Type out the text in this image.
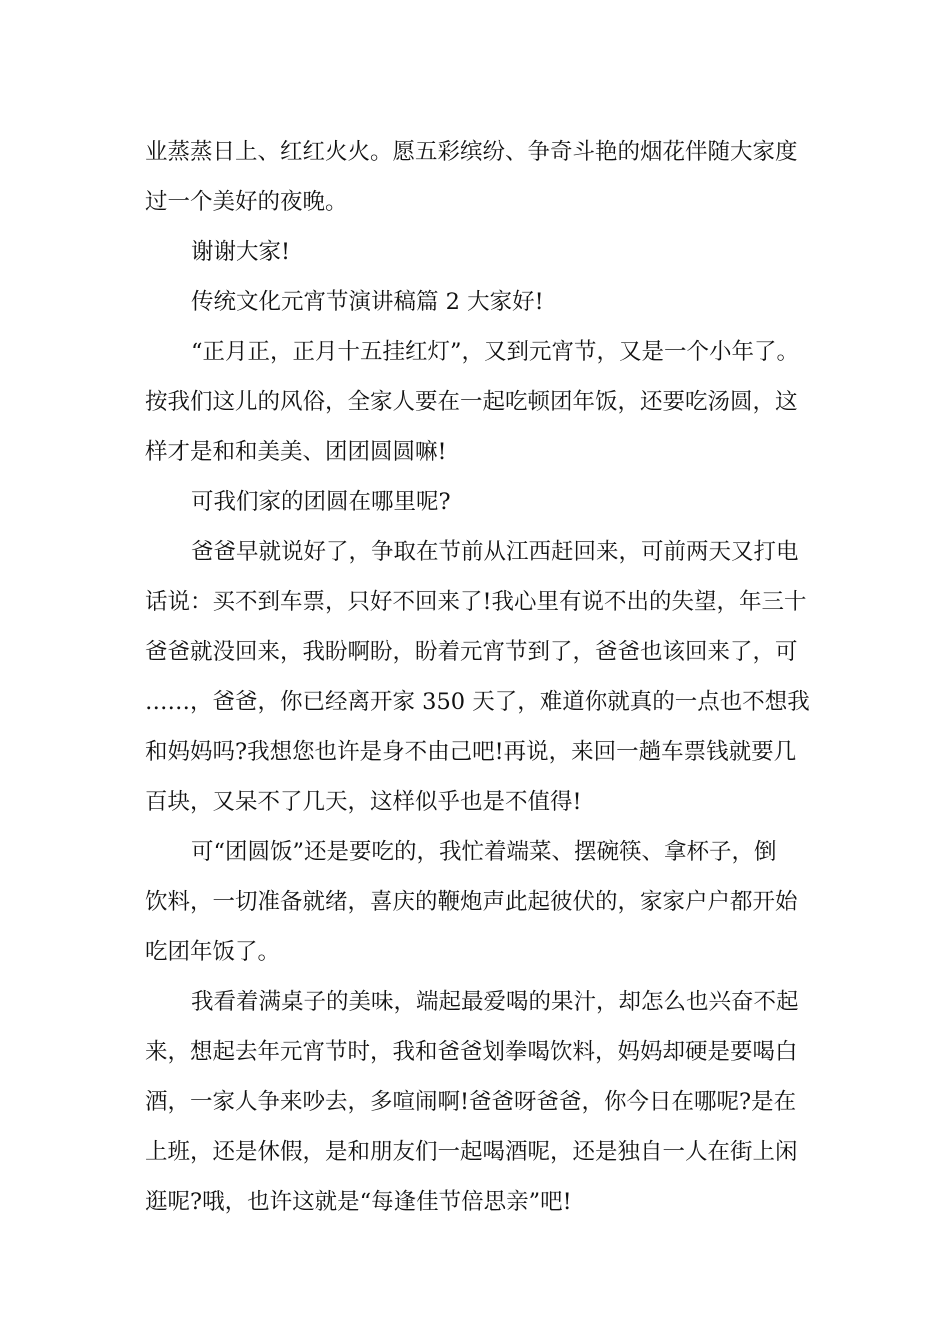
业蒸蒸日上、红红火火。愿五彩缤纷、争奇斗艳的烟花伴随大家度
过一个美好的夜晚。
谢谢大家!
传统文化元宵节演讲稿篇 2 大家好!
“正月正，正月十五挂红灯”，又到元宵节，又是一个小年了。
按我们这儿的风俗，全家人要在一起吃顿团年饭，还要吃汤圆，这
样才是和和美美、团团圆圆嘛!
可我们家的团圆在哪里呢?
爸爸早就说好了，争取在节前从江西赶回来，可前两天又打电
话说：买不到车票，只好不回来了!我心里有说不出的失望，年三十
爸爸就没回来，我盼啊盼，盼着元宵节到了，爸爸也该回来了，可
……，爸爸，你已经离开家 350 天了，难道你就真的一点也不想我
和妈妈吗?我想您也许是身不由己吧!再说，来回一趟车票钱就要几
百块，又呆不了几天，这样似乎也是不值得!
可“团圆饭”还是要吃的，我忙着端菜、摆碗筷、拿杯子，倒
饮料，一切准备就绪，喜庆的鞭炮声此起彼伏的，家家户户都开始
吃团年饭了。
我看着满桌子的美味，端起最爱喝的果汁，却怎么也兴奋不起
来，想起去年元宵节时，我和爸爸划拳喝饮料，妈妈却硬是要喝白
酒，一家人争来吵去，多喧闹啊!爸爸呀爸爸，你今日在哪呢?是在
上班，还是休假，是和朋友们一起喝酒呢，还是独自一人在街上闲
逛呢?哦，也许这就是“每逢佳节倍思亲”吧!
